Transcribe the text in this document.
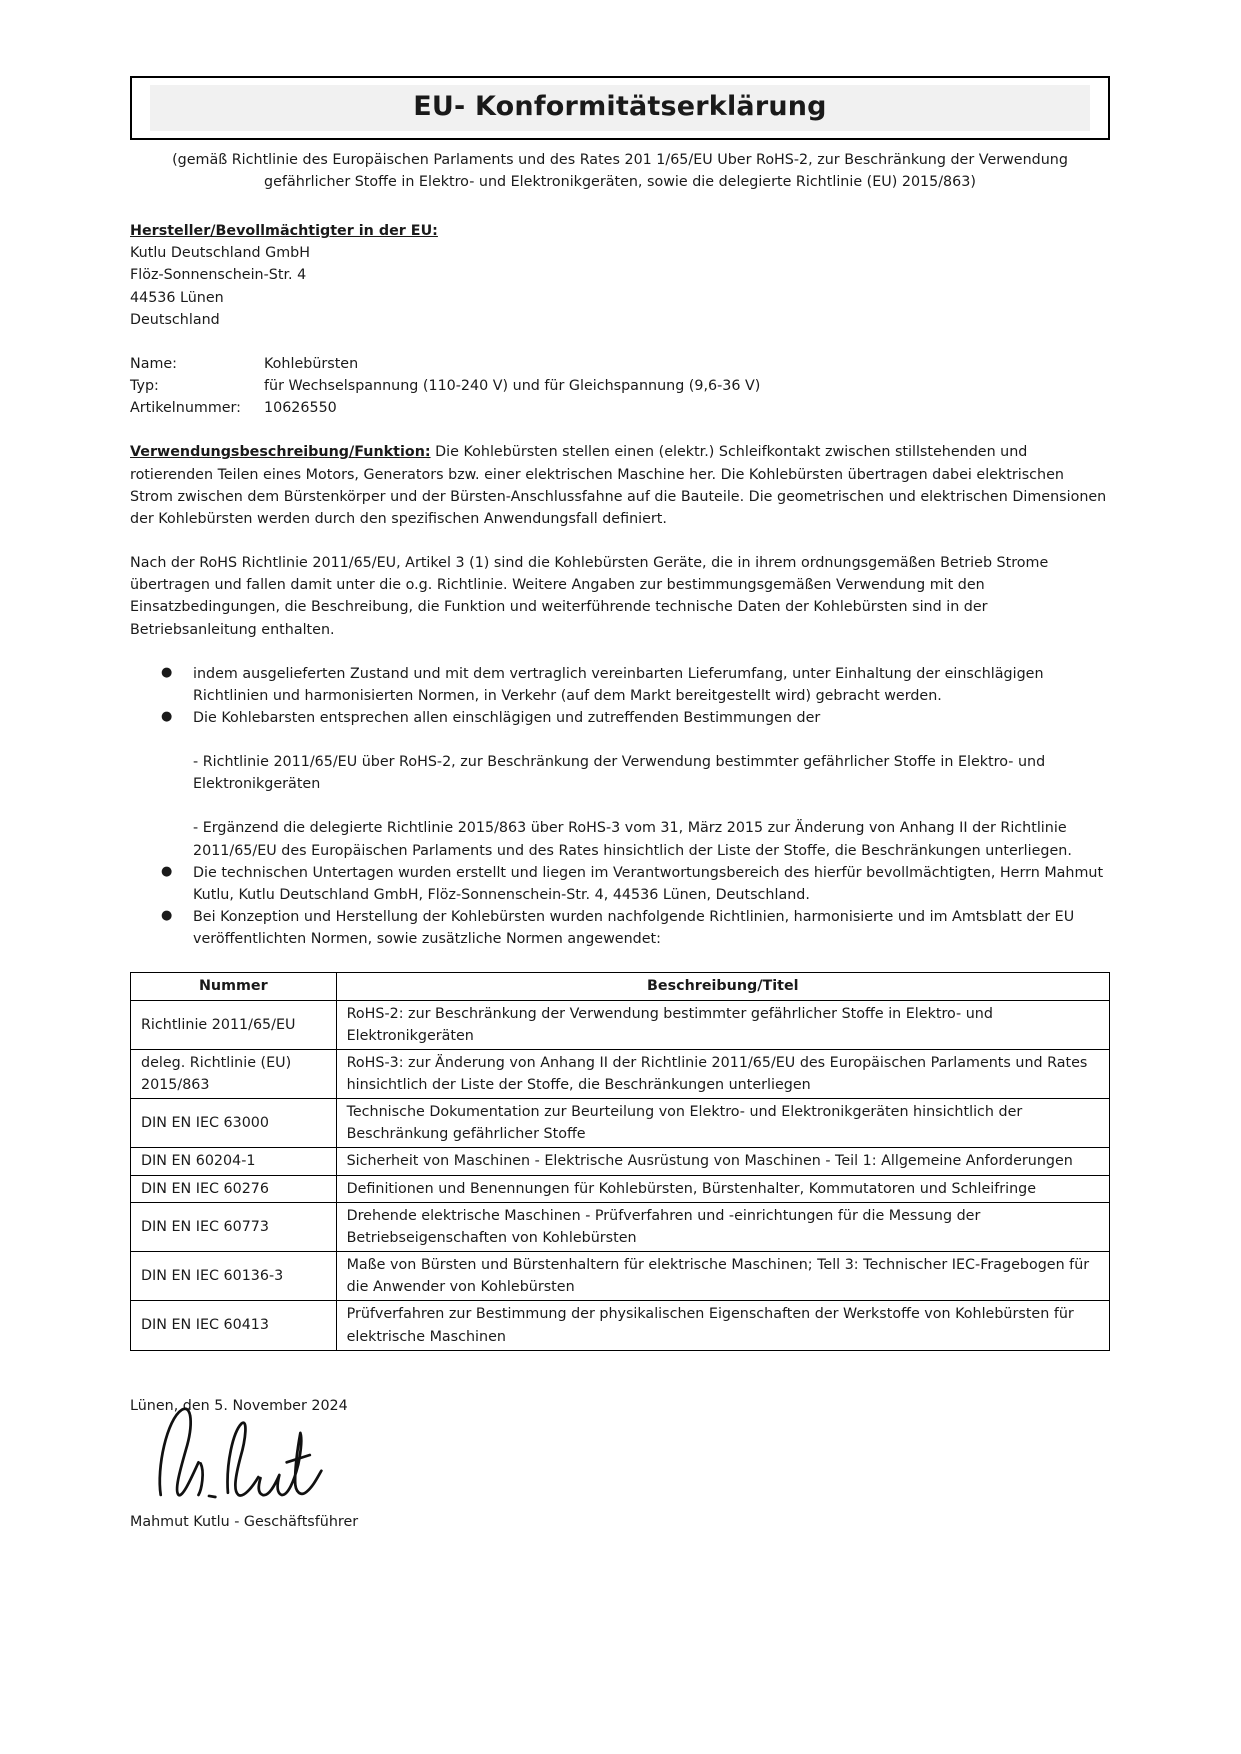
EU- Konformitätserklärung
(gemäß Richtlinie des Europäischen Parlaments und des Rates 201 1/65/EU Uber RoHS-2, zur Beschränkung der Verwendung gefährlicher Stoffe in Elektro- und Elektronikgeräten, sowie die delegierte Richtlinie (EU) 2015/863)
Hersteller/Bevollmächtigter in der EU:
Kutlu Deutschland GmbH
Flöz-Sonnenschein-Str. 4
44536 Lünen
Deutschland
Name:	Kohlebürsten
Typ:	für Wechselspannung (110-240 V) und für Gleichspannung (9,6-36 V)
Artikelnummer:	10626550
Verwendungsbeschreibung/Funktion: Die Kohlebürsten stellen einen (elektr.) Schleifkontakt zwischen stillstehenden und rotierenden Teilen eines Motors, Generators bzw. einer elektrischen Maschine her. Die Kohlebürsten übertragen dabei elektrischen Strom zwischen dem Bürstenkörper und der Bürsten-Anschlussfahne auf die Bauteile. Die geometrischen und elektrischen Dimensionen der Kohlebürsten werden durch den spezifischen Anwendungsfall definiert.
Nach der RoHS Richtlinie 2011/65/EU, Artikel 3 (1) sind die Kohlebürsten Geräte, die in ihrem ordnungsgemäßen Betrieb Strome übertragen und fallen damit unter die o.g. Richtlinie. Weitere Angaben zur bestimmungsgemäßen Verwendung mit den Einsatzbedingungen, die Beschreibung, die Funktion und weiterführende technische Daten der Kohlebürsten sind in der Betriebsanleitung enthalten.
●	indem ausgelieferten Zustand und mit dem vertraglich vereinbarten Lieferumfang, unter Einhaltung der einschlägigen Richtlinien und harmonisierten Normen, in Verkehr (auf dem Markt bereitgestellt wird) gebracht werden.
●	Die Kohlebarsten entsprechen allen einschlägigen und zutreffenden Bestimmungen der
- Richtlinie 2011/65/EU über RoHS-2, zur Beschränkung der Verwendung bestimmter gefährlicher Stoffe in Elektro- und Elektronikgeräten
- Ergänzend die delegierte Richtlinie 2015/863 über RoHS-3 vom 31, März 2015 zur Änderung von Anhang II der Richtlinie 2011/65/EU des Europäischen Parlaments und des Rates hinsichtlich der Liste der Stoffe, die Beschränkungen unterliegen.
●	Die technischen Untertagen wurden erstellt und liegen im Verantwortungsbereich des hierfür bevollmächtigten, Herrn Mahmut Kutlu, Kutlu Deutschland GmbH, Flöz-Sonnenschein-Str. 4, 44536 Lünen, Deutschland.
●	Bei Konzeption und Herstellung der Kohlebürsten wurden nachfolgende Richtlinien, harmonisierte und im Amtsblatt der EU veröffentlichten Normen, sowie zusätzliche Normen angewendet:
Nummer	Beschreibung/Titel
Richtlinie 2011/65/EU	RoHS-2: zur Beschränkung der Verwendung bestimmter gefährlicher Stoffe in Elektro- und Elektronikgeräten
deleg. Richtlinie (EU) 2015/863	RoHS-3: zur Änderung von Anhang II der Richtlinie 2011/65/EU des Europäischen Parlaments und Rates hinsichtlich der Liste der Stoffe, die Beschränkungen unterliegen
DIN EN IEC 63000	Technische Dokumentation zur Beurteilung von Elektro- und Elektronikgeräten hinsichtlich der Beschränkung gefährlicher Stoffe
DIN EN 60204-1	Sicherheit von Maschinen - Elektrische Ausrüstung von Maschinen - Teil 1: Allgemeine Anforderungen
DIN EN IEC 60276	Definitionen und Benennungen für Kohlebürsten, Bürstenhalter, Kommutatoren und Schleifringe
DIN EN IEC 60773	Drehende elektrische Maschinen - Prüfverfahren und -einrichtungen für die Messung der Betriebseigenschaften von Kohlebürsten
DIN EN IEC 60136-3	Maße von Bürsten und Bürstenhaltern für elektrische Maschinen; Tell 3: Technischer IEC-Fragebogen für die Anwender von Kohlebürsten
DIN EN IEC 60413	Prüfverfahren zur Bestimmung der physikalischen Eigenschaften der Werkstoffe von Kohlebürsten für elektrische Maschinen
Lünen, den 5. November 2024
Mahmut Kutlu - Geschäftsführer
